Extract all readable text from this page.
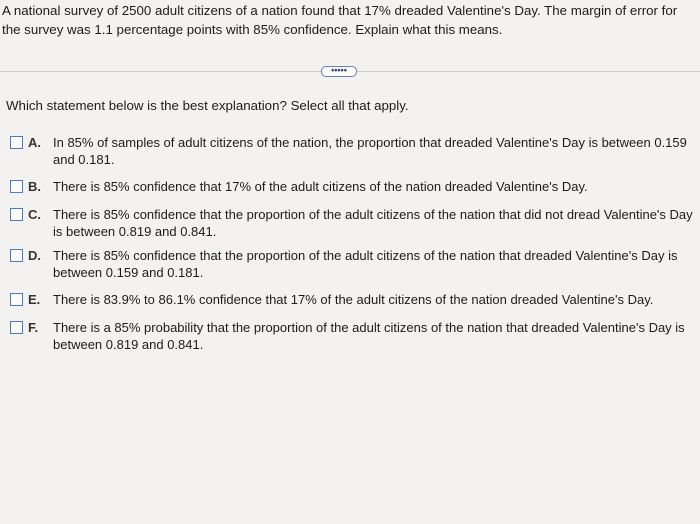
A national survey of 2500 adult citizens of a nation found that 17% dreaded Valentine's Day. The margin of error for the survey was 1.1 percentage points with 85% confidence. Explain what this means.
•••••
Which statement below is the best explanation? Select all that apply.
A. In 85% of samples of adult citizens of the nation, the proportion that dreaded Valentine's Day is between 0.159 and 0.181.
B. There is 85% confidence that 17% of the adult citizens of the nation dreaded Valentine's Day.
C. There is 85% confidence that the proportion of the adult citizens of the nation that did not dread Valentine's Day is between 0.819 and 0.841.
D. There is 85% confidence that the proportion of the adult citizens of the nation that dreaded Valentine's Day is between 0.159 and 0.181.
E. There is 83.9% to 86.1% confidence that 17% of the adult citizens of the nation dreaded Valentine's Day.
F. There is a 85% probability that the proportion of the adult citizens of the nation that dreaded Valentine's Day is between 0.819 and 0.841.
